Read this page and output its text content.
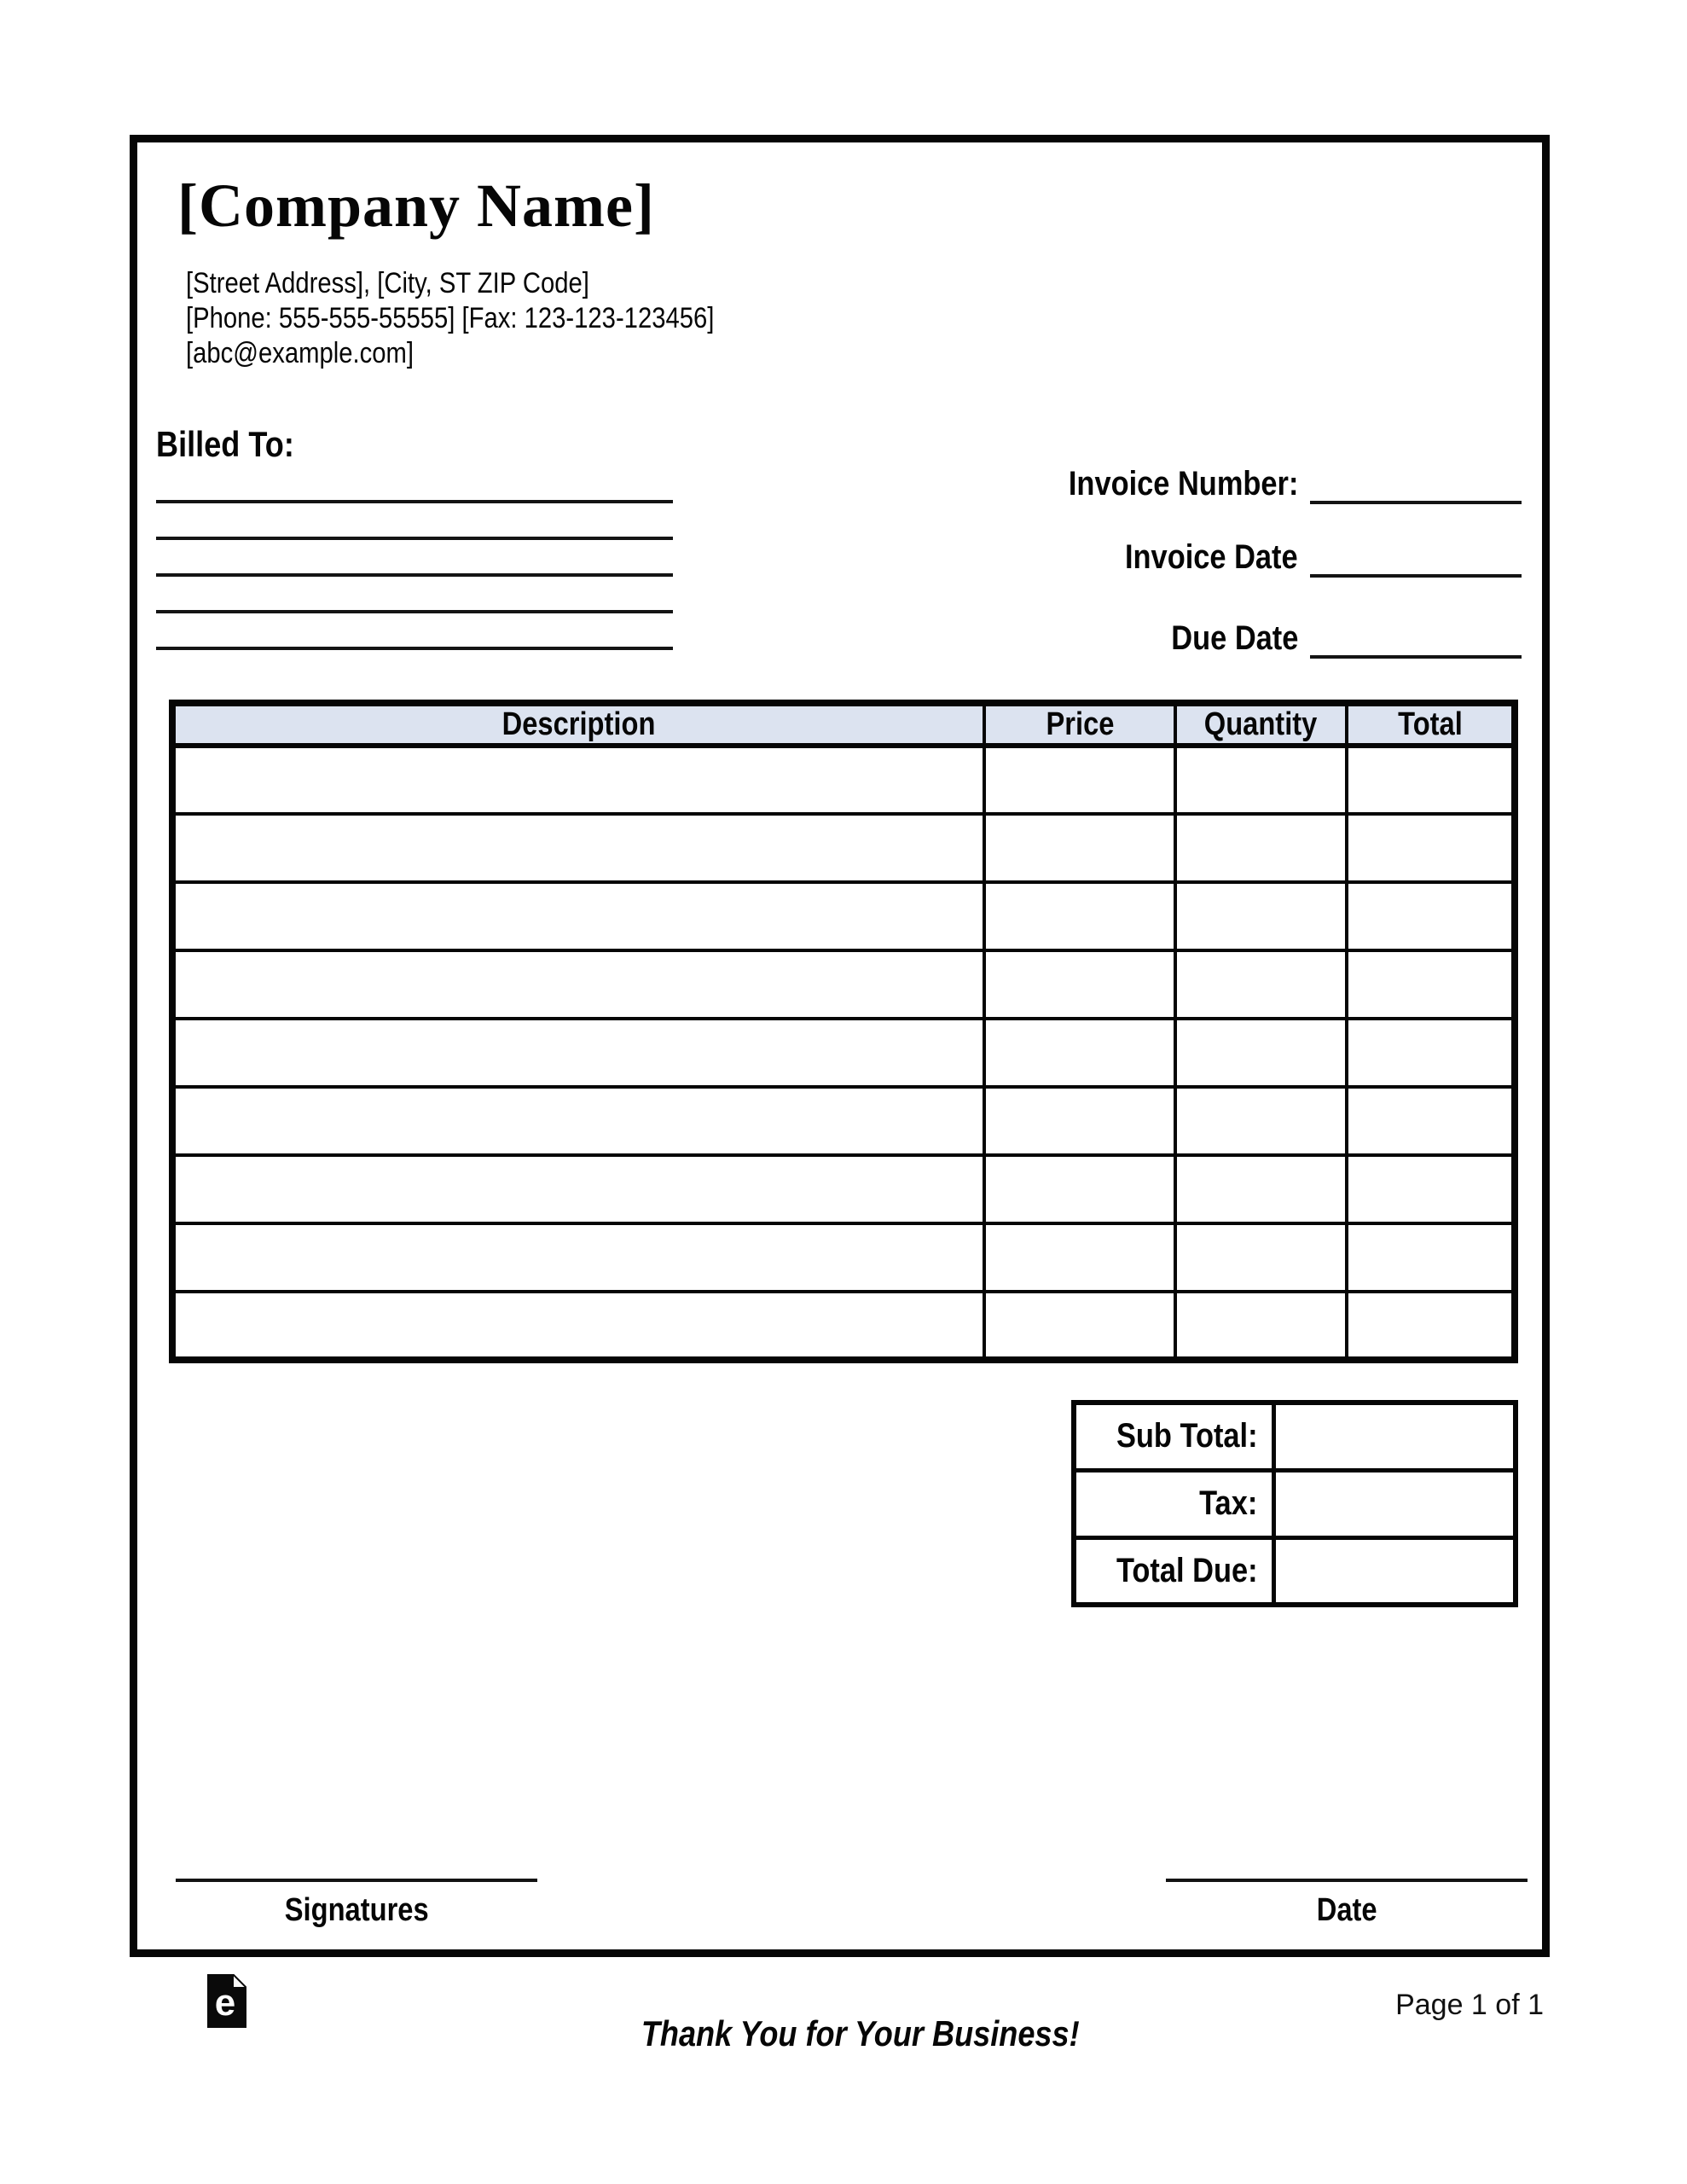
[Company Name]
[Street Address], [City, ST ZIP Code]
[Phone: 555-555-55555] [Fax: 123-123-123456]
[abc@example.com]
Billed To:
Invoice Number:
Invoice Date
Due Date
Description	Price	Quantity	Total

Sub Total:	
Tax:	
Total Due:	
Signatures	Date
e
Thank You for Your Business!
Page 1 of 1
